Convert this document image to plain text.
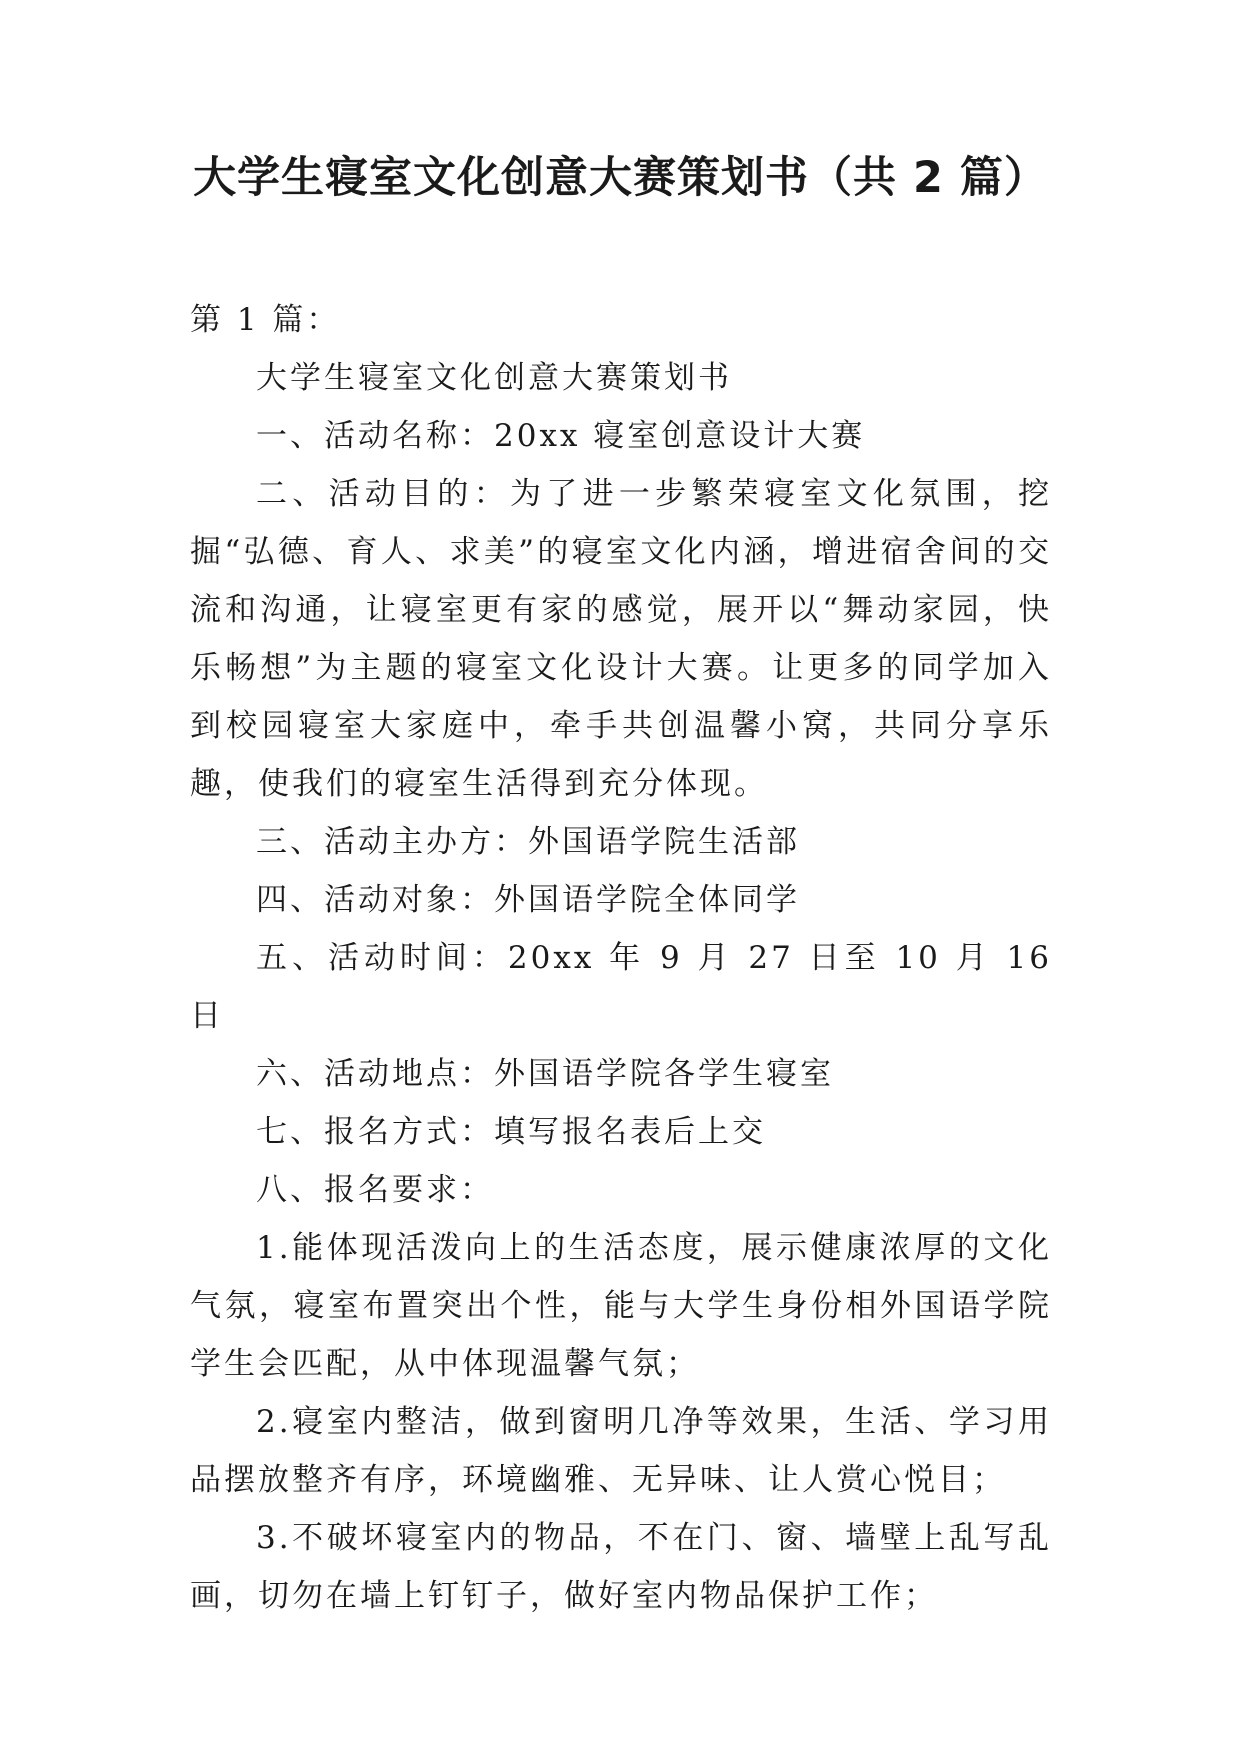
大学生寝室文化创意大赛策划书（共 2 篇）

第 1 篇：

大学生寝室文化创意大赛策划书

一、活动名称：20xx 寝室创意设计大赛

二、活动目的：为了进一步繁荣寝室文化氛围，挖掘“弘德、育人、求美”的寝室文化内涵，增进宿舍间的交流和沟通，让寝室更有家的感觉，展开以“舞动家园，快乐畅想”为主题的寝室文化设计大赛。让更多的同学加入到校园寝室大家庭中，牵手共创温馨小窝，共同分享乐趣，使我们的寝室生活得到充分体现。

三、活动主办方：外国语学院生活部

四、活动对象：外国语学院全体同学

五、活动时间：20xx 年 9 月 27 日至 10 月 16 日

六、活动地点：外国语学院各学生寝室

七、报名方式：填写报名表后上交

八、报名要求：

1.能体现活泼向上的生活态度，展示健康浓厚的文化气氛，寝室布置突出个性，能与大学生身份相外国语学院学生会匹配，从中体现温馨气氛；

2.寝室内整洁，做到窗明几净等效果，生活、学习用品摆放整齐有序，环境幽雅、无异味、让人赏心悦目；

3.不破坏寝室内的物品，不在门、窗、墙壁上乱写乱画，切勿在墙上钉钉子，做好室内物品保护工作；
